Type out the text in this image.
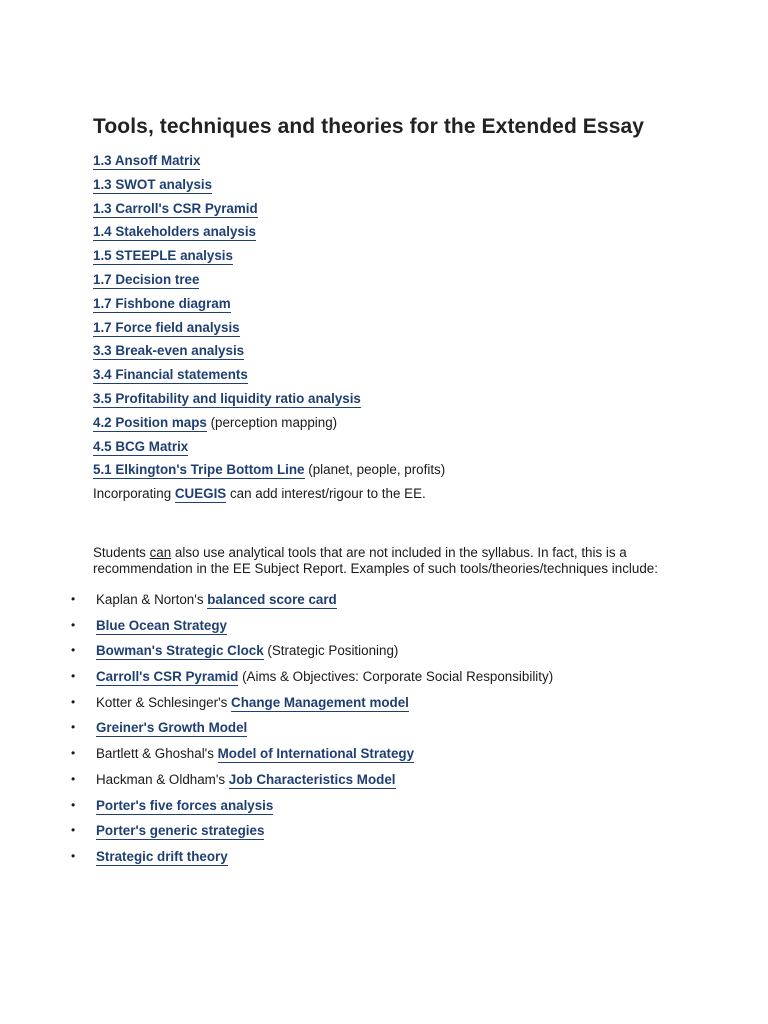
Tools, techniques and theories for the Extended Essay
1.3 Ansoff Matrix
1.3 SWOT analysis
1.3 Carroll's CSR Pyramid
1.4 Stakeholders analysis
1.5 STEEPLE analysis
1.7 Decision tree
1.7 Fishbone diagram
1.7 Force field analysis
3.3 Break-even analysis
3.4 Financial statements
3.5 Profitability and liquidity ratio analysis
4.2 Position maps (perception mapping)
4.5 BCG Matrix
5.1 Elkington's Tripe Bottom Line (planet, people, profits)
Incorporating CUEGIS can add interest/rigour to the EE.

Students can also use analytical tools that are not included in the syllabus. In fact, this is a recommendation in the EE Subject Report. Examples of such tools/theories/techniques include:

• Kaplan & Norton's balanced score card
• Blue Ocean Strategy
• Bowman's Strategic Clock (Strategic Positioning)
• Carroll's CSR Pyramid (Aims & Objectives: Corporate Social Responsibility)
• Kotter & Schlesinger's Change Management model
• Greiner's Growth Model
• Bartlett & Ghoshal's Model of International Strategy
• Hackman & Oldham's Job Characteristics Model
• Porter's five forces analysis
• Porter's generic strategies
• Strategic drift theory
